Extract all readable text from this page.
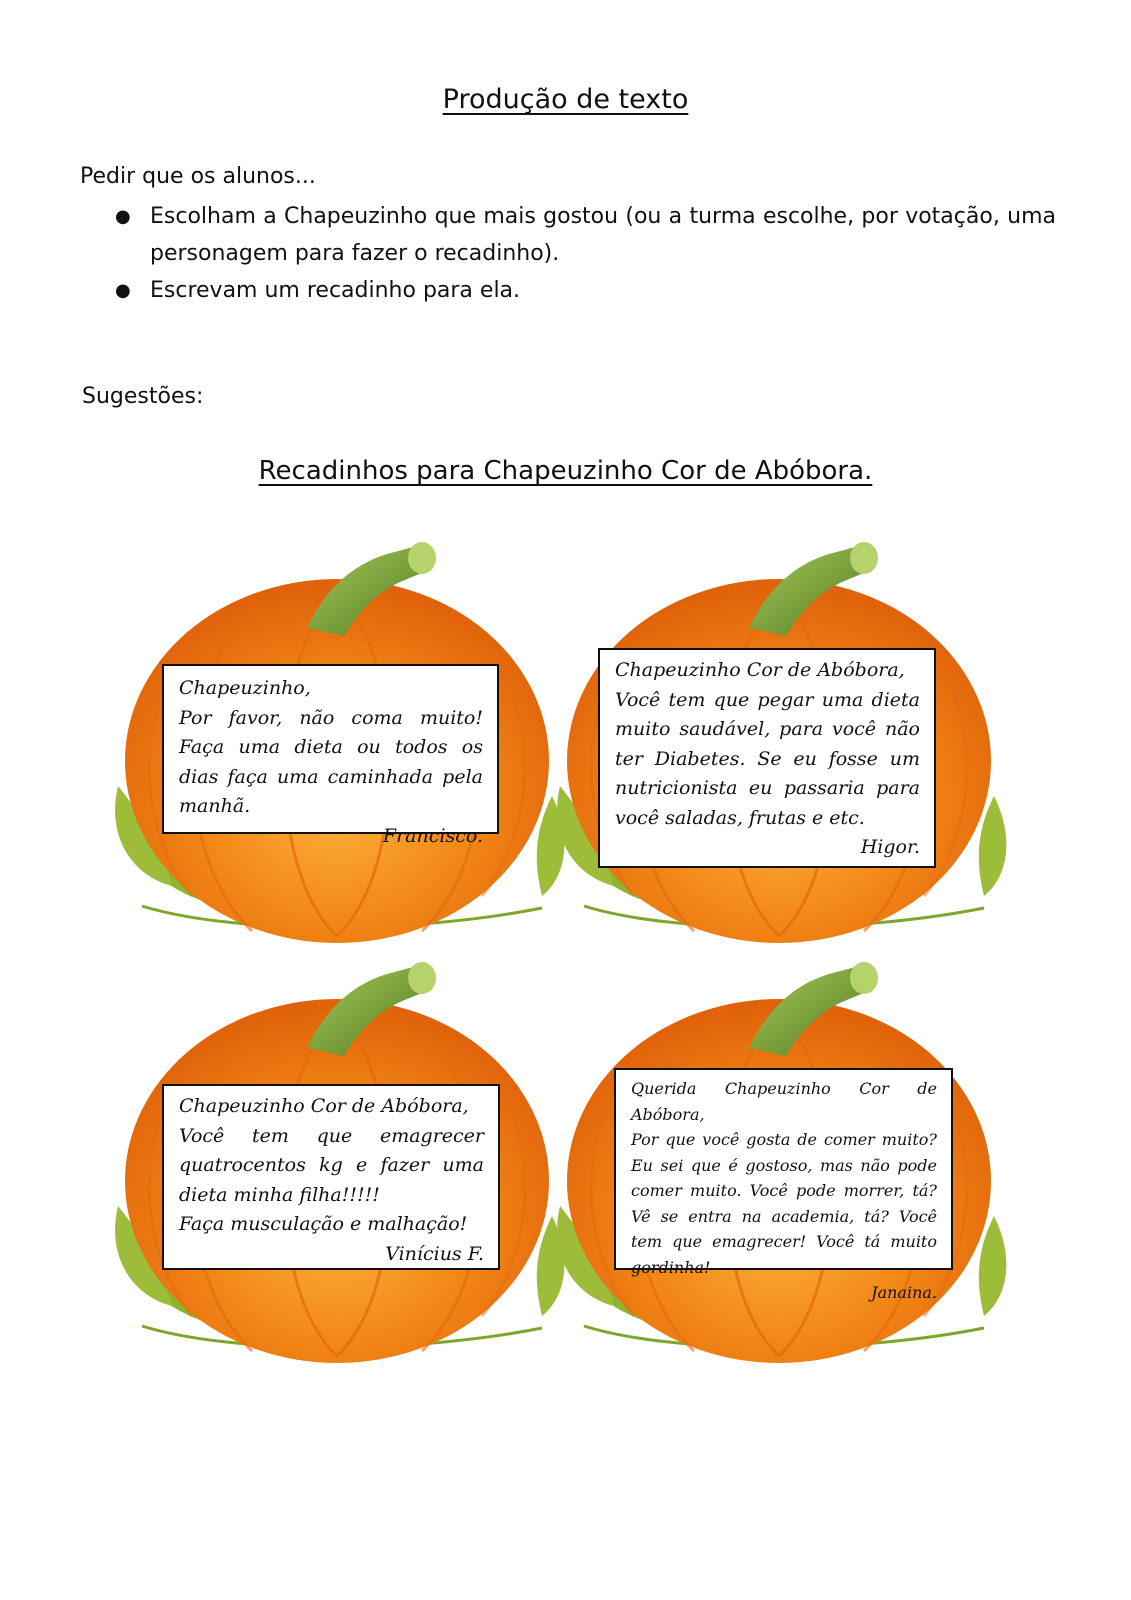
Produção de texto

Pedir que os alunos...

● Escolham a Chapeuzinho que mais gostou (ou a turma escolhe, por votação, uma personagem para fazer o recadinho).
● Escrevam um recadinho para ela.

Sugestões:

Recadinhos para Chapeuzinho Cor de Abóbora.

Chapeuzinho,

Por favor, não coma muito! Faça uma dieta ou todos os dias faça uma caminhada pela manhã.

Francisco.

Chapeuzinho Cor de Abóbora,

Você tem que pegar uma dieta muito saudável, para você não ter Diabetes. Se eu fosse um nutricionista eu passaria para você saladas, frutas e etc.

Higor.

Chapeuzinho Cor de Abóbora,

Você tem que emagrecer quatrocentos kg e fazer uma dieta minha filha!!!!!

Faça musculação e malhação!

Vinícius F.

Querida Chapeuzinho Cor de Abóbora,

Por que você gosta de comer muito? Eu sei que é gostoso, mas não pode comer muito. Você pode morrer, tá? Vê se entra na academia, tá? Você tem que emagrecer! Você tá muito gordinha!

Janaina.
